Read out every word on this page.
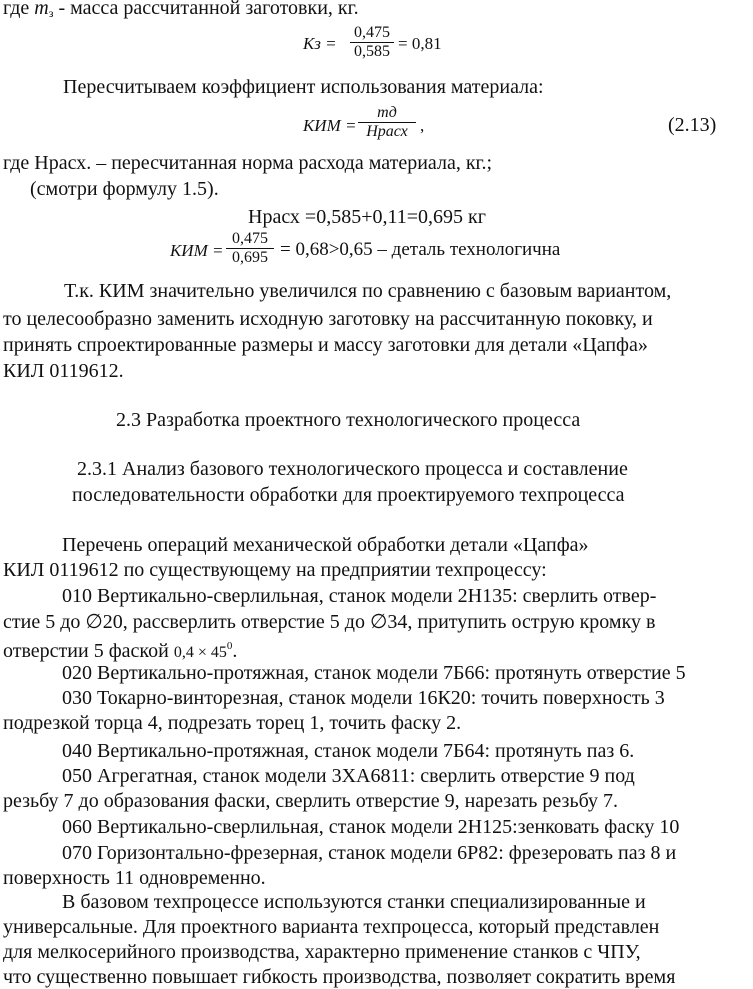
где $m_з$ - масса рассчитанной заготовки, кг.
Кз = $\frac{0,475}{0,585} = 0,81$
Пересчитываем коэффициент использования материала:
КИМ =
mд
Нрасх ,	(2.13)
где Нрасх. – пересчитанная норма расхода материала, кг.;
(смотри формулу 1.5).
Нрасх =0,585+0,11=0,695 кг
КИМ = $\frac{0,475}{0,695} = 0,68>0,65$ – деталь технологична
Т.к. КИМ значительно увеличился по сравнению с базовым вариантом,
то целесообразно заменить исходную заготовку на рассчитанную поковку, и
принять спроектированные размеры и массу заготовки для детали «Цапфа»
КИЛ 0119612.
2.3 Разработка проектного технологического процесса
2.3.1 Анализ базового технологического процесса и составление
последовательности обработки для проектируемого техпроцесса
Перечень операций механической обработки детали «Цапфа»
КИЛ 0119612 по существующему на предприятии техпроцессу:
010 Вертикально-сверлильная, станок модели 2Н135: сверлить отвер-
стие 5 до ∅20, рассверлить отверстие 5 до ∅34, притупить острую кромку в
отверстии 5 фаской $0,4 \times 45^0$.
020 Вертикально-протяжная, станок модели 7Б66: протянуть отверстие 5
030 Токарно-винторезная, станок модели 16К20: точить поверхность 3
подрезкой торца 4, подрезать торец 1, точить фаску 2.
040 Вертикально-протяжная, станок модели 7Б64: протянуть паз 6.
050 Агрегатная, станок модели 3ХА6811: сверлить отверстие 9 под
резьбу 7 до образования фаски, сверлить отверстие 9, нарезать резьбу 7.
060 Вертикально-сверлильная, станок модели 2Н125:зенковать фаску 10
070 Горизонтально-фрезерная, станок модели 6Р82: фрезеровать паз 8 и
поверхность 11 одновременно.
В базовом техпроцессе используются станки специализированные и
универсальные. Для проектного варианта техпроцесса, который представлен
для мелкосерийного производства, характерно применение станков с ЧПУ,
что существенно повышает гибкость производства, позволяет сократить время
